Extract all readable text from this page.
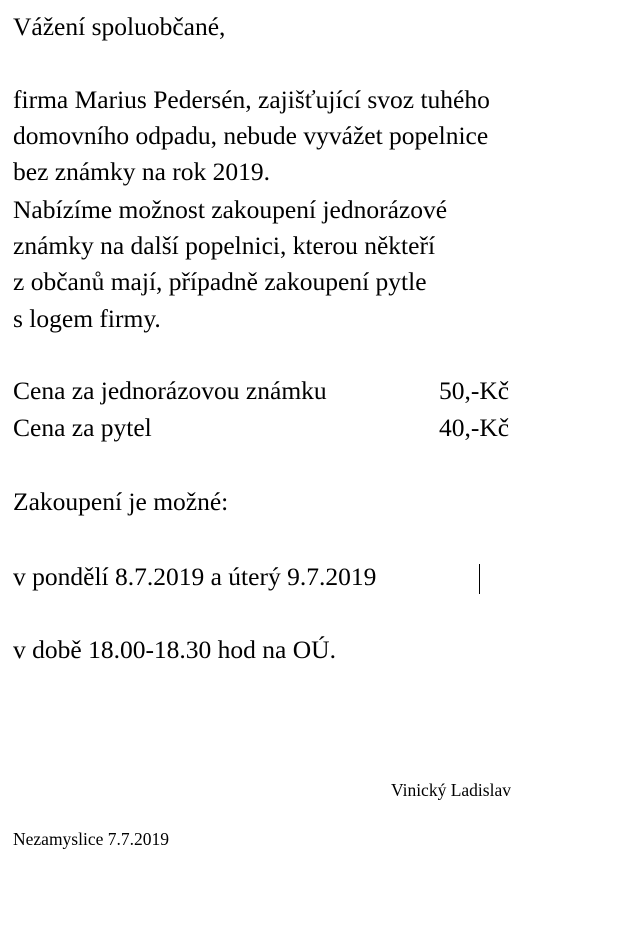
Vážení spoluobčané,

firma Marius Pedersén, zajišťující svoz tuhého

domovního odpadu, nebude vyvážet popelnice

bez známky na rok 2019.

Nabízíme možnost zakoupení jednorázové

známky na další popelnici, kterou někteří

z občanů mají, případně zakoupení pytle

s logem firmy.

Cena za jednorázovou známku	50,-Kč
Cena za pytel	40,-Kč

Zakoupení je možné:

v pondělí 8.7.2019 a úterý 9.7.2019

v době 18.00-18.30 hod na OÚ.

Vinický Ladislav
Nezamyslice 7.7.2019
